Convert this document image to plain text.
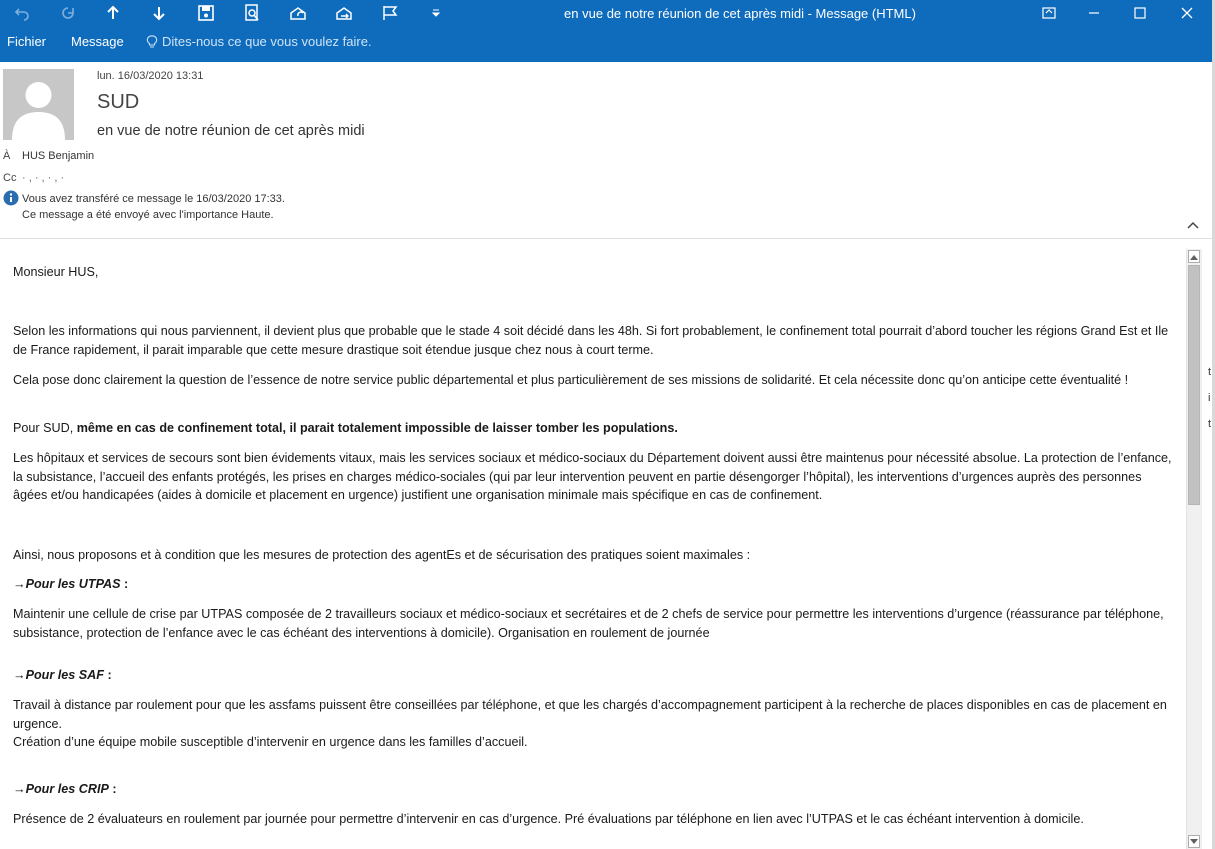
en vue de notre réunion de cet après midi - Message (HTML)
Fichier Message	Dites-nous ce que vous voulez faire.
t
i
t
lun. 16/03/2020 13:31
SUD
en vue de notre réunion de cet après midi
À HUS Benjamin
Cc · , · , · , ·
Vous avez transféré ce message le 16/03/2020 17:33.
Ce message a été envoyé avec l'importance Haute.

Monsieur HUS,

Selon les informations qui nous parviennent, il devient plus que probable que le stade 4 soit décidé dans les 48h. Si fort probablement, le confinement total pourrait d’abord toucher les régions Grand Est et Ile de France rapidement, il parait imparable que cette mesure drastique soit étendue jusque chez nous à court terme.

Cela pose donc clairement la question de l’essence de notre service public départemental et plus particulièrement de ses missions de solidarité. Et cela nécessite donc qu’on anticipe cette éventualité !

Pour SUD, même en cas de confinement total, il parait totalement impossible de laisser tomber les populations.

Les hôpitaux et services de secours sont bien évidements vitaux, mais les services sociaux et médico-sociaux du Département doivent aussi être maintenus pour nécessité absolue. La protection de l’enfance, la subsistance, l’accueil des enfants protégés, les prises en charges médico-sociales (qui par leur intervention peuvent en partie désengorger l’hôpital), les interventions d’urgences auprès des personnes âgées et/ou handicapées (aides à domicile et placement en urgence) justifient une organisation minimale mais spécifique en cas de confinement.

Ainsi, nous proposons et à condition que les mesures de protection des agentEs et de sécurisation des pratiques soient maximales :

→Pour les UTPAS :

Maintenir une cellule de crise par UTPAS composée de 2 travailleurs sociaux et médico-sociaux et secrétaires et de 2 chefs de service pour permettre les interventions d’urgence (réassurance par téléphone, subsistance, protection de l’enfance avec le cas échéant des interventions à domicile). Organisation en roulement de journée

→Pour les SAF :

Travail à distance par roulement pour que les assfams puissent être conseillées par téléphone, et que les chargés d’accompagnement participent à la recherche de places disponibles en cas de placement en urgence.

Création d’une équipe mobile susceptible d’intervenir en urgence dans les familles d’accueil.

→Pour les CRIP :

Présence de 2 évaluateurs en roulement par journée pour permettre d’intervenir en cas d’urgence. Pré évaluations par téléphone en lien avec l’UTPAS et le cas échéant intervention à domicile.
